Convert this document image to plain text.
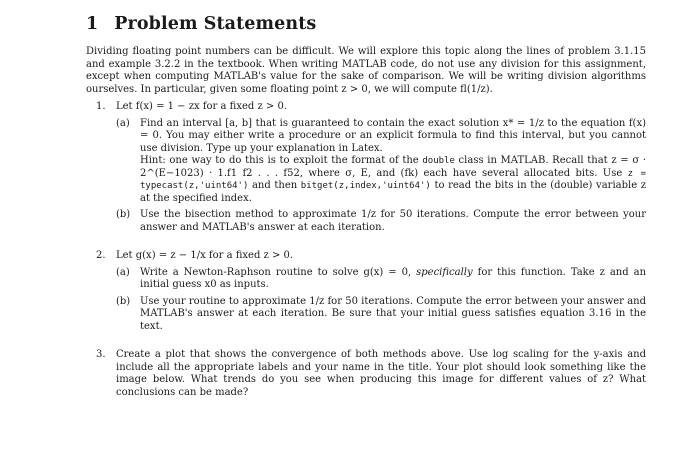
1 Problem Statements

Dividing floating point numbers can be difficult. We will explore this topic along the lines of problem 3.1.15 and example 3.2.2 in the textbook. When writing MATLAB code, do not use any division for this assignment, except when computing MATLAB's value for the sake of comparison. We will be writing division algorithms ourselves. In particular, given some floating point z > 0, we will compute fl(1/z).

1.	Let f(x) = 1 − zx for a fixed z > 0.
(a)	Find an interval [a, b] that is guaranteed to contain the exact solution x* = 1/z to the equation f(x) = 0. You may either write a procedure or an explicit formula to find this interval, but you cannot use division. Type up your explanation in Latex.
Hint: one way to do this is to exploit the format of the double class in MATLAB. Recall that z = σ · 2^(E−1023) · 1.f1 f2 . . . f52, where σ, E, and (fk) each have several allocated bits. Use z = typecast(z,'uint64') and then bitget(z,index,'uint64') to read the bits in the (double) variable z at the specified index.
(b) Use the bisection method to approximate 1/z for 50 iterations. Compute the error between your answer and MATLAB's answer at each iteration.
2.	Let g(x) = z − 1/x for a fixed z > 0.
(a)	Write a Newton-Raphson routine to solve g(x) = 0, specifically for this function. Take z and an initial guess x0 as inputs.
(b) Use your routine to approximate 1/z for 50 iterations. Compute the error between your answer and MATLAB's answer at each iteration. Be sure that your initial guess satisfies equation 3.16 in the text.
3.	Create a plot that shows the convergence of both methods above. Use log scaling for the y-axis and include all the appropriate labels and your name in the title. Your plot should look something like the image below. What trends do you see when producing this image for different values of z? What conclusions can be made?
